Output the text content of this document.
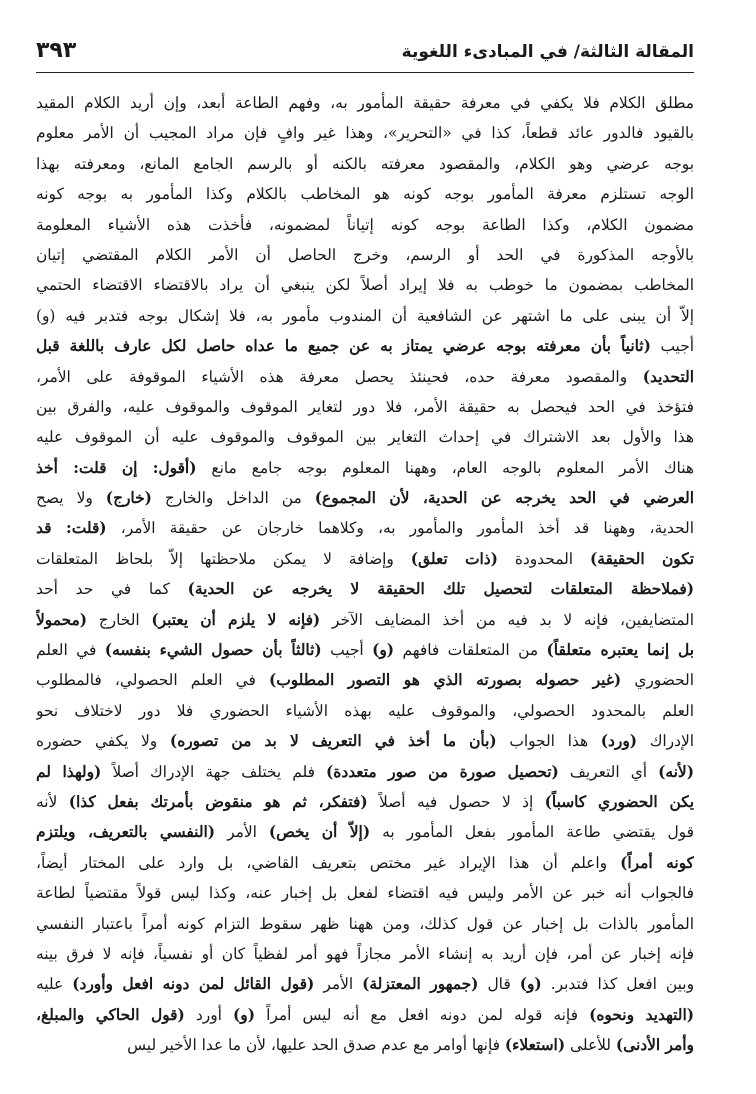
المقالة الثالثة/ في المبادىء اللغوية
٣٩٣
مطلق الكلام فلا يكفي في معرفة حقيقة المأمور به، وفهم الطاعة أبعد، وإن أريد الكلام المقيد
بالقيود فالدور عائد قطعاً، كذا في «التحرير»، وهذا غير وافٍ فإن مراد المجيب أن الأمر معلوم
بوجه عرضي وهو الكلام، والمقصود معرفته بالكنه أو بالرسم الجامع المانع، ومعرفته بهذا
الوجه تستلزم معرفة المأمور بوجه كونه هو المخاطب بالكلام وكذا المأمور به بوجه كونه
مضمون الكلام، وكذا الطاعة بوجه كونه إتياناً لمضمونه، فأخذت هذه الأشياء المعلومة
بالأوجه المذكورة في الحد أو الرسم، وخرج الحاصل أن الأمر الكلام المقتضي إتيان
المخاطب بمضمون ما خوطب به فلا إيراد أصلاً لكن ينبغي أن يراد بالاقتضاء الاقتضاء الحتمي
إلاّ أن يبنى على ما اشتهر عن الشافعية أن المندوب مأمور به، فلا إشكال بوجه فتدبر فيه (و)
أجيب (ثانياً بأن معرفته بوجه عرضي يمتاز به عن جميع ما عداه حاصل لكل عارف باللغة قبل
التحديد) والمقصود معرفة حده، فحينئذ يحصل معرفة هذه الأشياء الموقوفة على الأمر،
فتؤخذ في الحد فيحصل به حقيقة الأمر، فلا دور لتغاير الموقوف والموقوف عليه، والفرق بين
هذا والأول بعد الاشتراك في إحداث التغاير بين الموقوف والموقوف عليه أن الموقوف عليه
هناك الأمر المعلوم بالوجه العام، وههنا المعلوم بوجه جامع مانع (أقول: إن قلت: أخذ
العرضي في الحد يخرجه عن الحدية، لأن المجموع) من الداخل والخارج (خارج) ولا يصح
الحدية، وههنا قد أخذ المأمور والمأمور به، وكلاهما خارجان عن حقيقة الأمر، (قلت: قد
تكون الحقيقة) المحدودة (ذات تعلق) وإضافة لا يمكن ملاحظتها إلاّ بلحاظ المتعلقات
(فملاحظة المتعلقات لتحصيل تلك الحقيقة لا يخرجه عن الحدية) كما في حد أحد
المتضايفين، فإنه لا بد فيه من أخذ المضايف الآخر (فإنه لا يلزم أن يعتبر) الخارج (محمولاً
بل إنما يعتبره متعلقاً) من المتعلقات فافهم (و) أجيب (ثالثاً بأن حصول الشيء بنفسه) في العلم
الحضوري (غير حصوله بصورته الذي هو التصور المطلوب) في العلم الحصولي، فالمطلوب
العلم بالمحدود الحصولي، والموقوف عليه بهذه الأشياء الحضوري فلا دور لاختلاف نحو
الإدراك (ورد) هذا الجواب (بأن ما أخذ في التعريف لا بد من تصوره) ولا يكفي حضوره
(لأنه) أي التعريف (تحصيل صورة من صور متعددة) فلم يختلف جهة الإدراك أصلاً (ولهذا لم
يكن الحضوري كاسباً) إذ لا حصول فيه أصلاً (فتفكر، ثم هو منقوض بأمرتك بفعل كذا) لأنه
قول يقتضي طاعة المأمور بفعل المأمور به (إلاّ أن يخص) الأمر (النفسي بالتعريف، ويلتزم
كونه أمراً) واعلم أن هذا الإيراد غير مختص بتعريف القاضي، بل وارد على المختار أيضاً،
فالجواب أنه خبر عن الأمر وليس فيه اقتضاء لفعل بل إخبار عنه، وكذا ليس قولاً مقتضياً لطاعة
المأمور بالذات بل إخبار عن قول كذلك، ومن ههنا ظهر سقوط التزام كونه أمراً باعتبار النفسي
فإنه إخبار عن أمر، فإن أريد به إنشاء الأمر مجازاً فهو أمر لفظياً كان أو نفسياً، فإنه لا فرق بينه
وبين افعل كذا فتدبر. (و) قال (جمهور المعتزلة) الأمر (قول القائل لمن دونه افعل وأورد) عليه
(التهديد ونحوه) فإنه قوله لمن دونه افعل مع أنه ليس أمراً (و) أورد (قول الحاكي والمبلغ،
وأمر الأدنى) للأعلى (استعلاء) فإنها أوامر مع عدم صدق الحد عليها، لأن ما عدا الأخير ليس
